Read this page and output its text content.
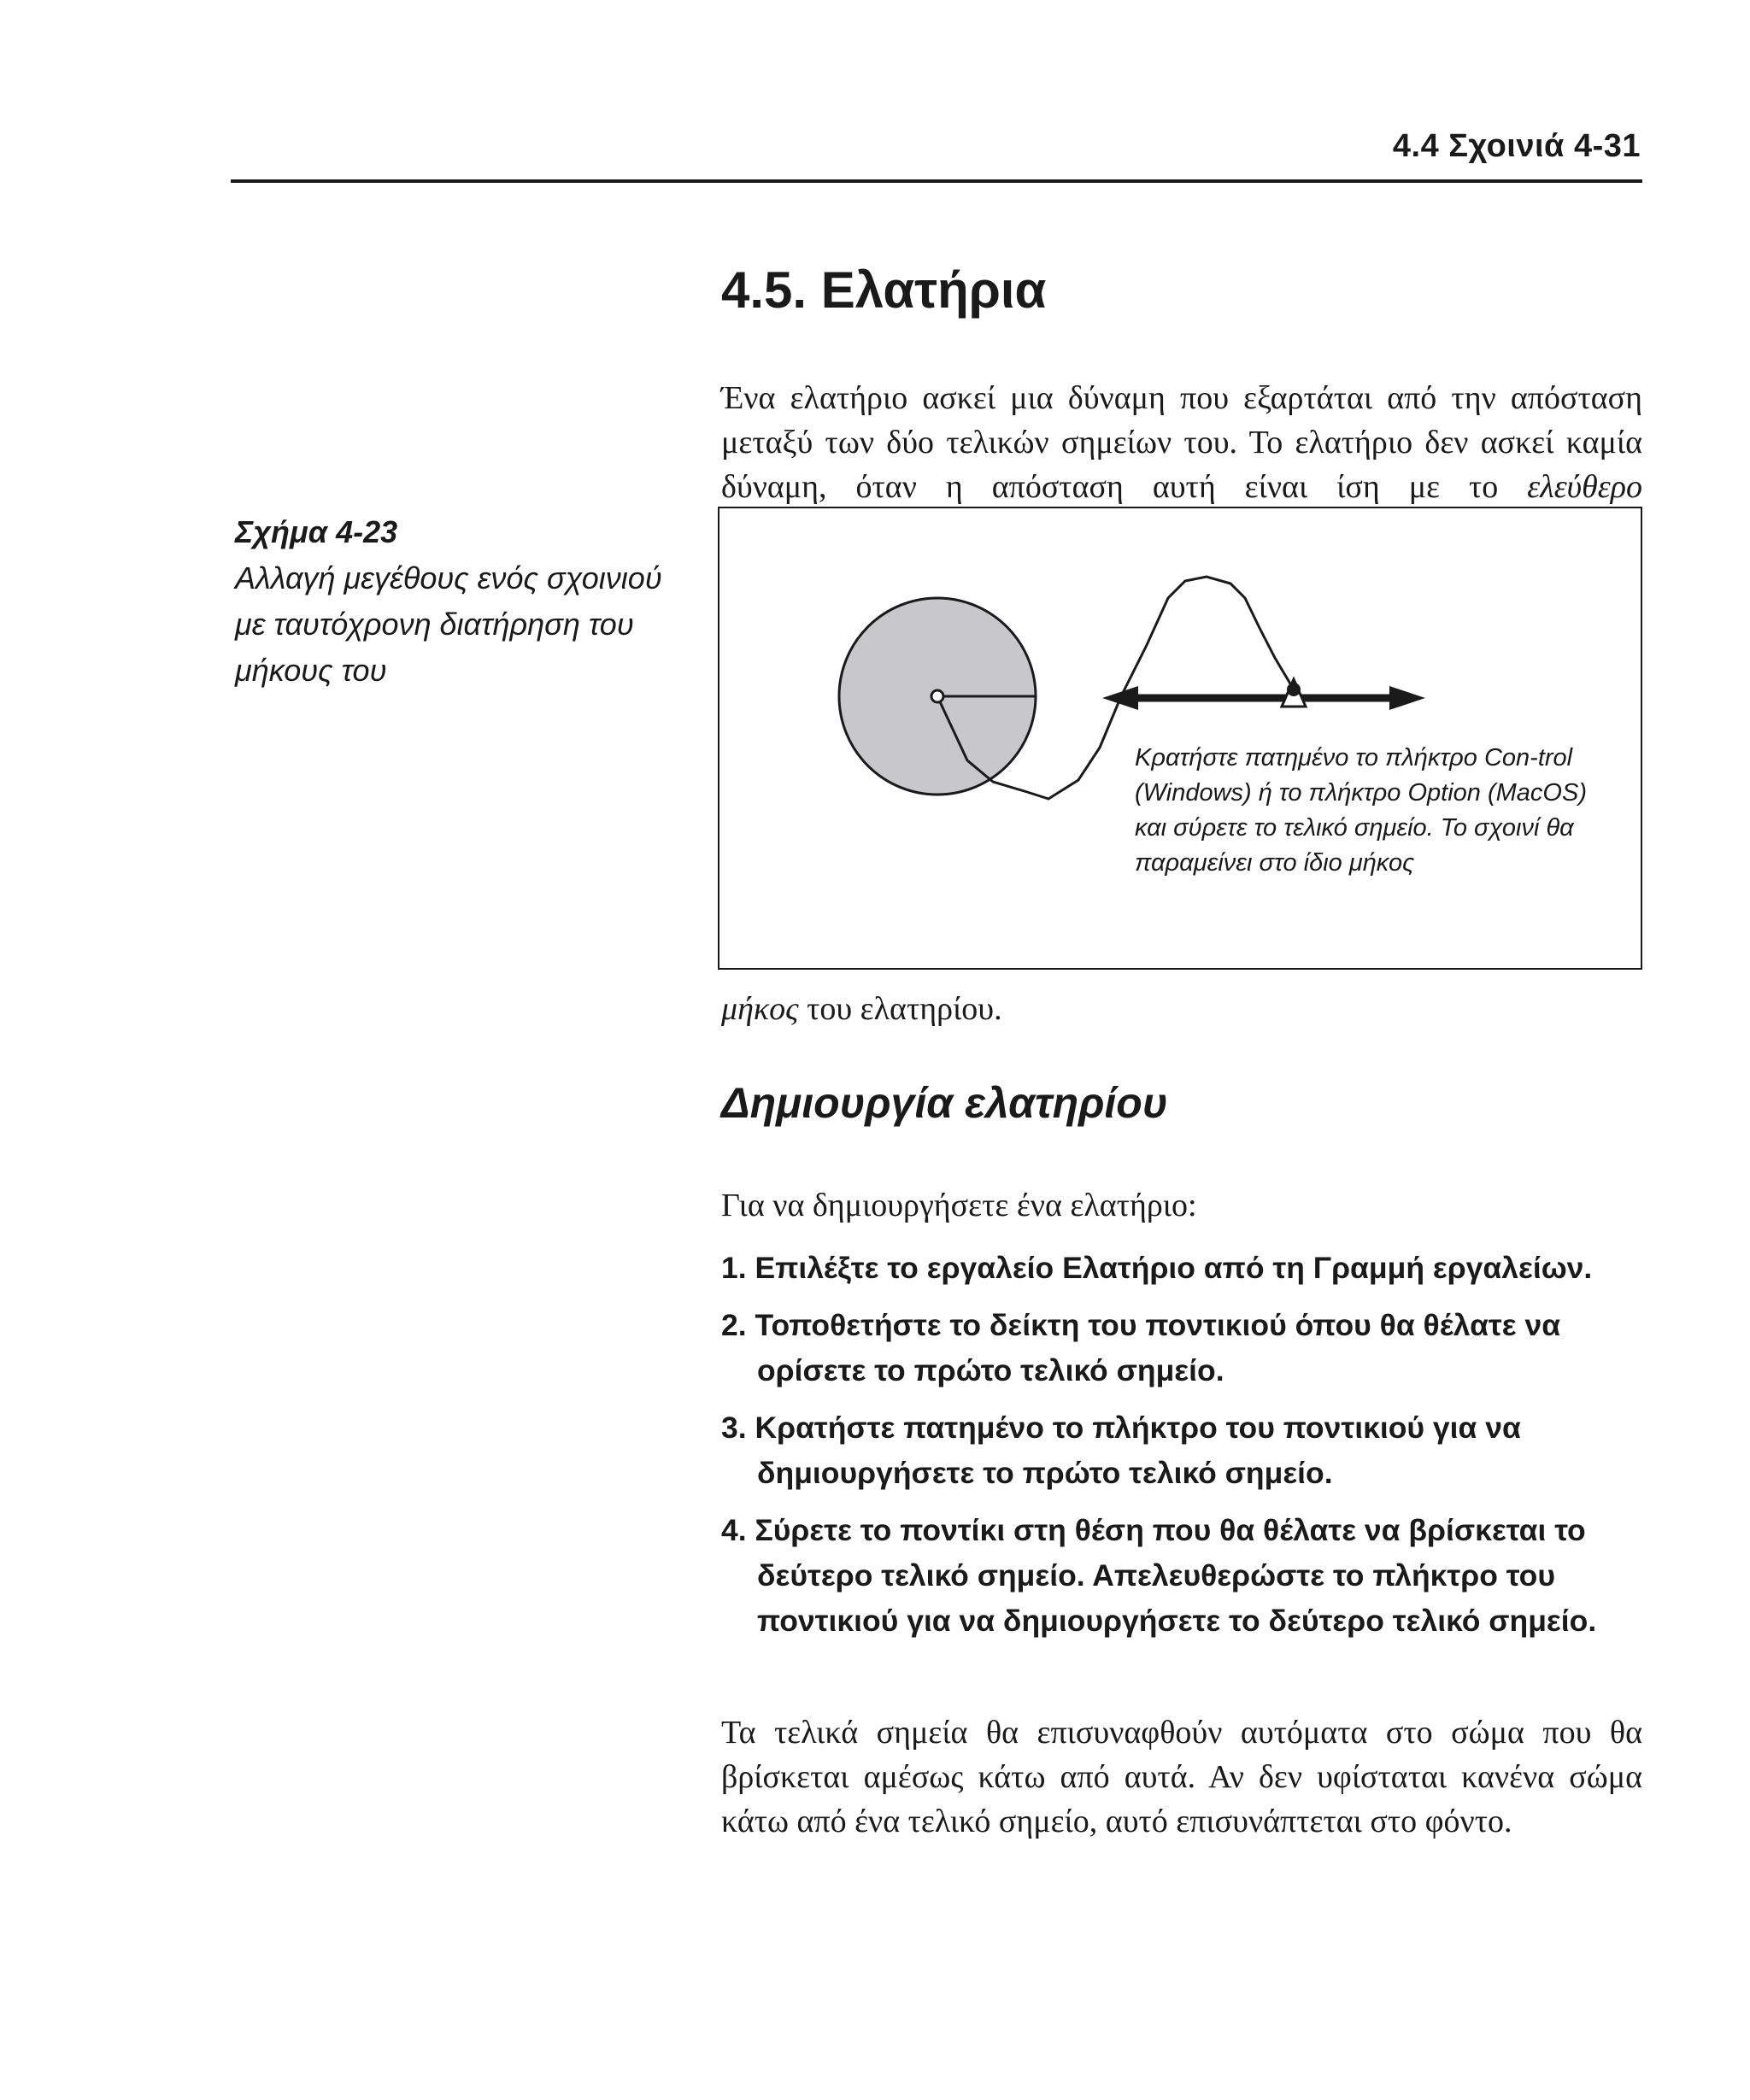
4.4 Σχοινιά 4-31
4.5. Ελατήρια

Ένα ελατήριο ασκεί μια δύναμη που εξαρτάται από την απόσταση μεταξύ των δύο τελικών σημείων του. Το ελατήριο δεν ασκεί καμία δύναμη, όταν η απόσταση αυτή είναι ίση με το ελεύθερο

Σχήμα 4-23
Αλλαγή μεγέθους ενός σχοινιού με ταυτόχρονη διατήρηση του μήκους του

Κρατήστε πατημένο το πλήκτρο Con-trol (Windows) ή το πλήκτρο Option (MacOS) και σύρετε το τελικό σημείο. Το σχοινί θα παραμείνει στο ίδιο μήκος

μήκος του ελατηρίου.

Δημιουργία ελατηρίου

Για να δημιουργήσετε ένα ελατήριο:

1. Επιλέξτε το εργαλείο Ελατήριο από τη Γραμμή εργαλείων.
2. Τοποθετήστε το δείκτη του ποντικιού όπου θα θέλατε να ορίσετε το πρώτο τελικό σημείο.
3. Κρατήστε πατημένο το πλήκτρο του ποντικιού για να δημιουργήσετε το πρώτο τελικό σημείο.
4. Σύρετε το ποντίκι στη θέση που θα θέλατε να βρίσκεται το δεύτερο τελικό σημείο. Απελευθερώστε το πλήκτρο του ποντικιού για να δημιουργήσετε το δεύτερο τελικό σημείο.

Τα τελικά σημεία θα επισυναφθούν αυτόματα στο σώμα που θα βρίσκεται αμέσως κάτω από αυτά. Αν δεν υφίσταται κανένα σώμα κάτω από ένα τελικό σημείο, αυτό επισυνάπτεται στο φόντο.
